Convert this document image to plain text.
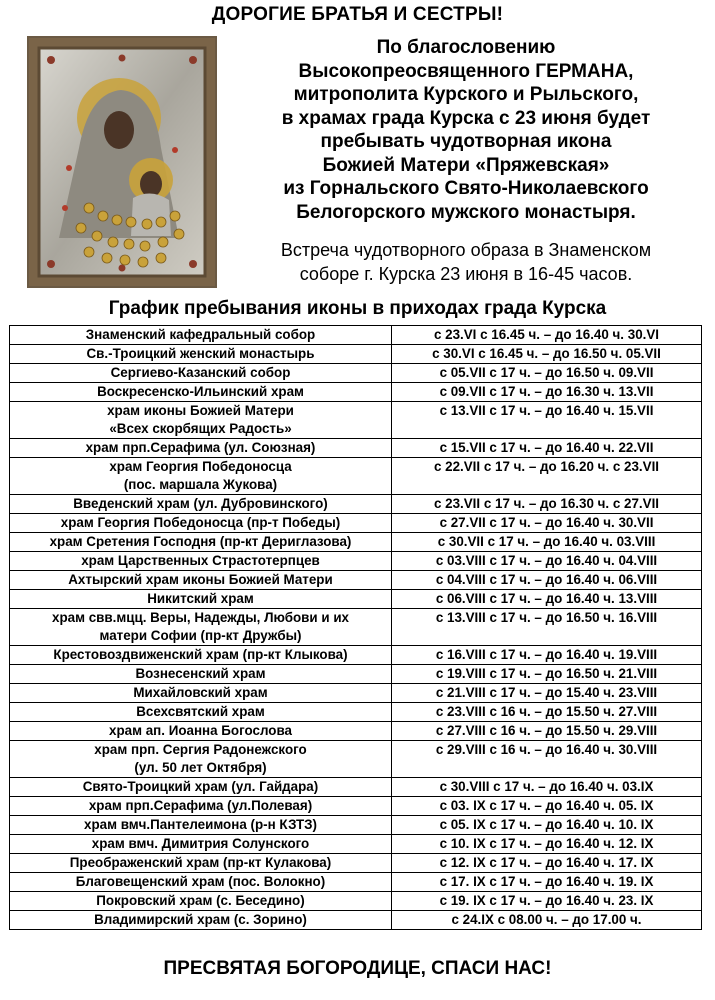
ДОРОГИЕ БРАТЬЯ И СЕСТРЫ!
По благословению
Высокопреосвященного ГЕРМАНА,
митрополита Курского и Рыльского,
в храмах града Курска с 23 июня будет
пребывать чудотворная икона
Божией Матери «Пряжевская»
из Горнальского Свято-Николаевского
Белогорского мужского монастыря.
Встреча чудотворного образа в Знаменском
соборе г. Курска 23 июня в 16-45 часов.
График пребывания иконы в приходах града Курска
Знаменский кафедральный собор	с 23.VI с 16.45 ч. – до 16.40 ч. 30.VI
Св.-Троицкий женский монастырь	с 30.VI с 16.45 ч. – до 16.50 ч. 05.VII
Сергиево-Казанский собор	с 05.VII с 17 ч. – до 16.50 ч. 09.VII
Воскресенско-Ильинский храм	с 09.VII с 17 ч. – до 16.30 ч. 13.VII
храм иконы Божией Матери
«Всех скорбящих Радость»	с 13.VII с 17 ч. – до 16.40 ч. 15.VII
храм прп.Серафима (ул. Союзная)	с 15.VII с 17 ч. – до 16.40 ч. 22.VII
храм Георгия Победоносца
(пос. маршала Жукова)	с 22.VII с 17 ч. – до 16.20 ч. с 23.VII
Введенский храм (ул. Дубровинского)	с 23.VII с 17 ч. – до 16.30 ч. с 27.VII
храм Георгия Победоносца (пр-т Победы)	с 27.VII с 17 ч. – до 16.40 ч. 30.VII
храм Сретения Господня (пр-кт Дериглазова)	с 30.VII с 17 ч. – до 16.40 ч. 03.VIII
храм Царственных Страстотерпцев	с 03.VIII с 17 ч. – до 16.40 ч. 04.VIII
Ахтырский храм иконы Божией Матери	с 04.VIII с 17 ч. – до 16.40 ч. 06.VIII
Никитский храм	с 06.VIII с 17 ч. – до 16.40 ч. 13.VIII
храм свв.мцц. Веры, Надежды, Любови и их
матери Софии (пр-кт Дружбы)	с 13.VIII с 17 ч. – до 16.50 ч. 16.VIII
Крестовоздвиженский храм (пр-кт Клыкова)	с 16.VIII с 17 ч. – до 16.40 ч. 19.VIII
Вознесенский храм	с 19.VIII с 17 ч. – до 16.50 ч. 21.VIII
Михайловский храм	с 21.VIII с 17 ч. – до 15.40 ч. 23.VIII
Всехсвятский храм	с 23.VIII с 16 ч. – до 15.50 ч. 27.VIII
храм ап. Иоанна Богослова	с 27.VIII с 16 ч. – до 15.50 ч. 29.VIII
храм прп. Сергия Радонежского
(ул. 50 лет Октября)	с 29.VIII с 16 ч. – до 16.40 ч. 30.VIII
Свято-Троицкий храм (ул. Гайдара)	с 30.VIII с 17 ч. – до 16.40 ч. 03.IX
храм прп.Серафима (ул.Полевая)	с 03. IX с 17 ч. – до 16.40 ч. 05. IX
храм вмч.Пантелеимона (р-н КЗТЗ)	с 05. IX с 17 ч. – до 16.40 ч. 10. IX
храм вмч. Димитрия Солунского	с 10. IX с 17 ч. – до 16.40 ч. 12. IX
Преображенский храм (пр-кт Кулакова)	с 12. IX с 17 ч. – до 16.40 ч. 17. IX
Благовещенский храм (пос. Волокно)	с 17. IX с 17 ч. – до 16.40 ч. 19. IX
Покровский храм (с. Беседино)	с 19. IX с 17 ч. – до 16.40 ч. 23. IX
Владимирский храм (с. Зорино)	с 24.IX с 08.00 ч. – до 17.00 ч.
ПРЕСВЯТАЯ БОГОРОДИЦЕ, СПАСИ НАС!
